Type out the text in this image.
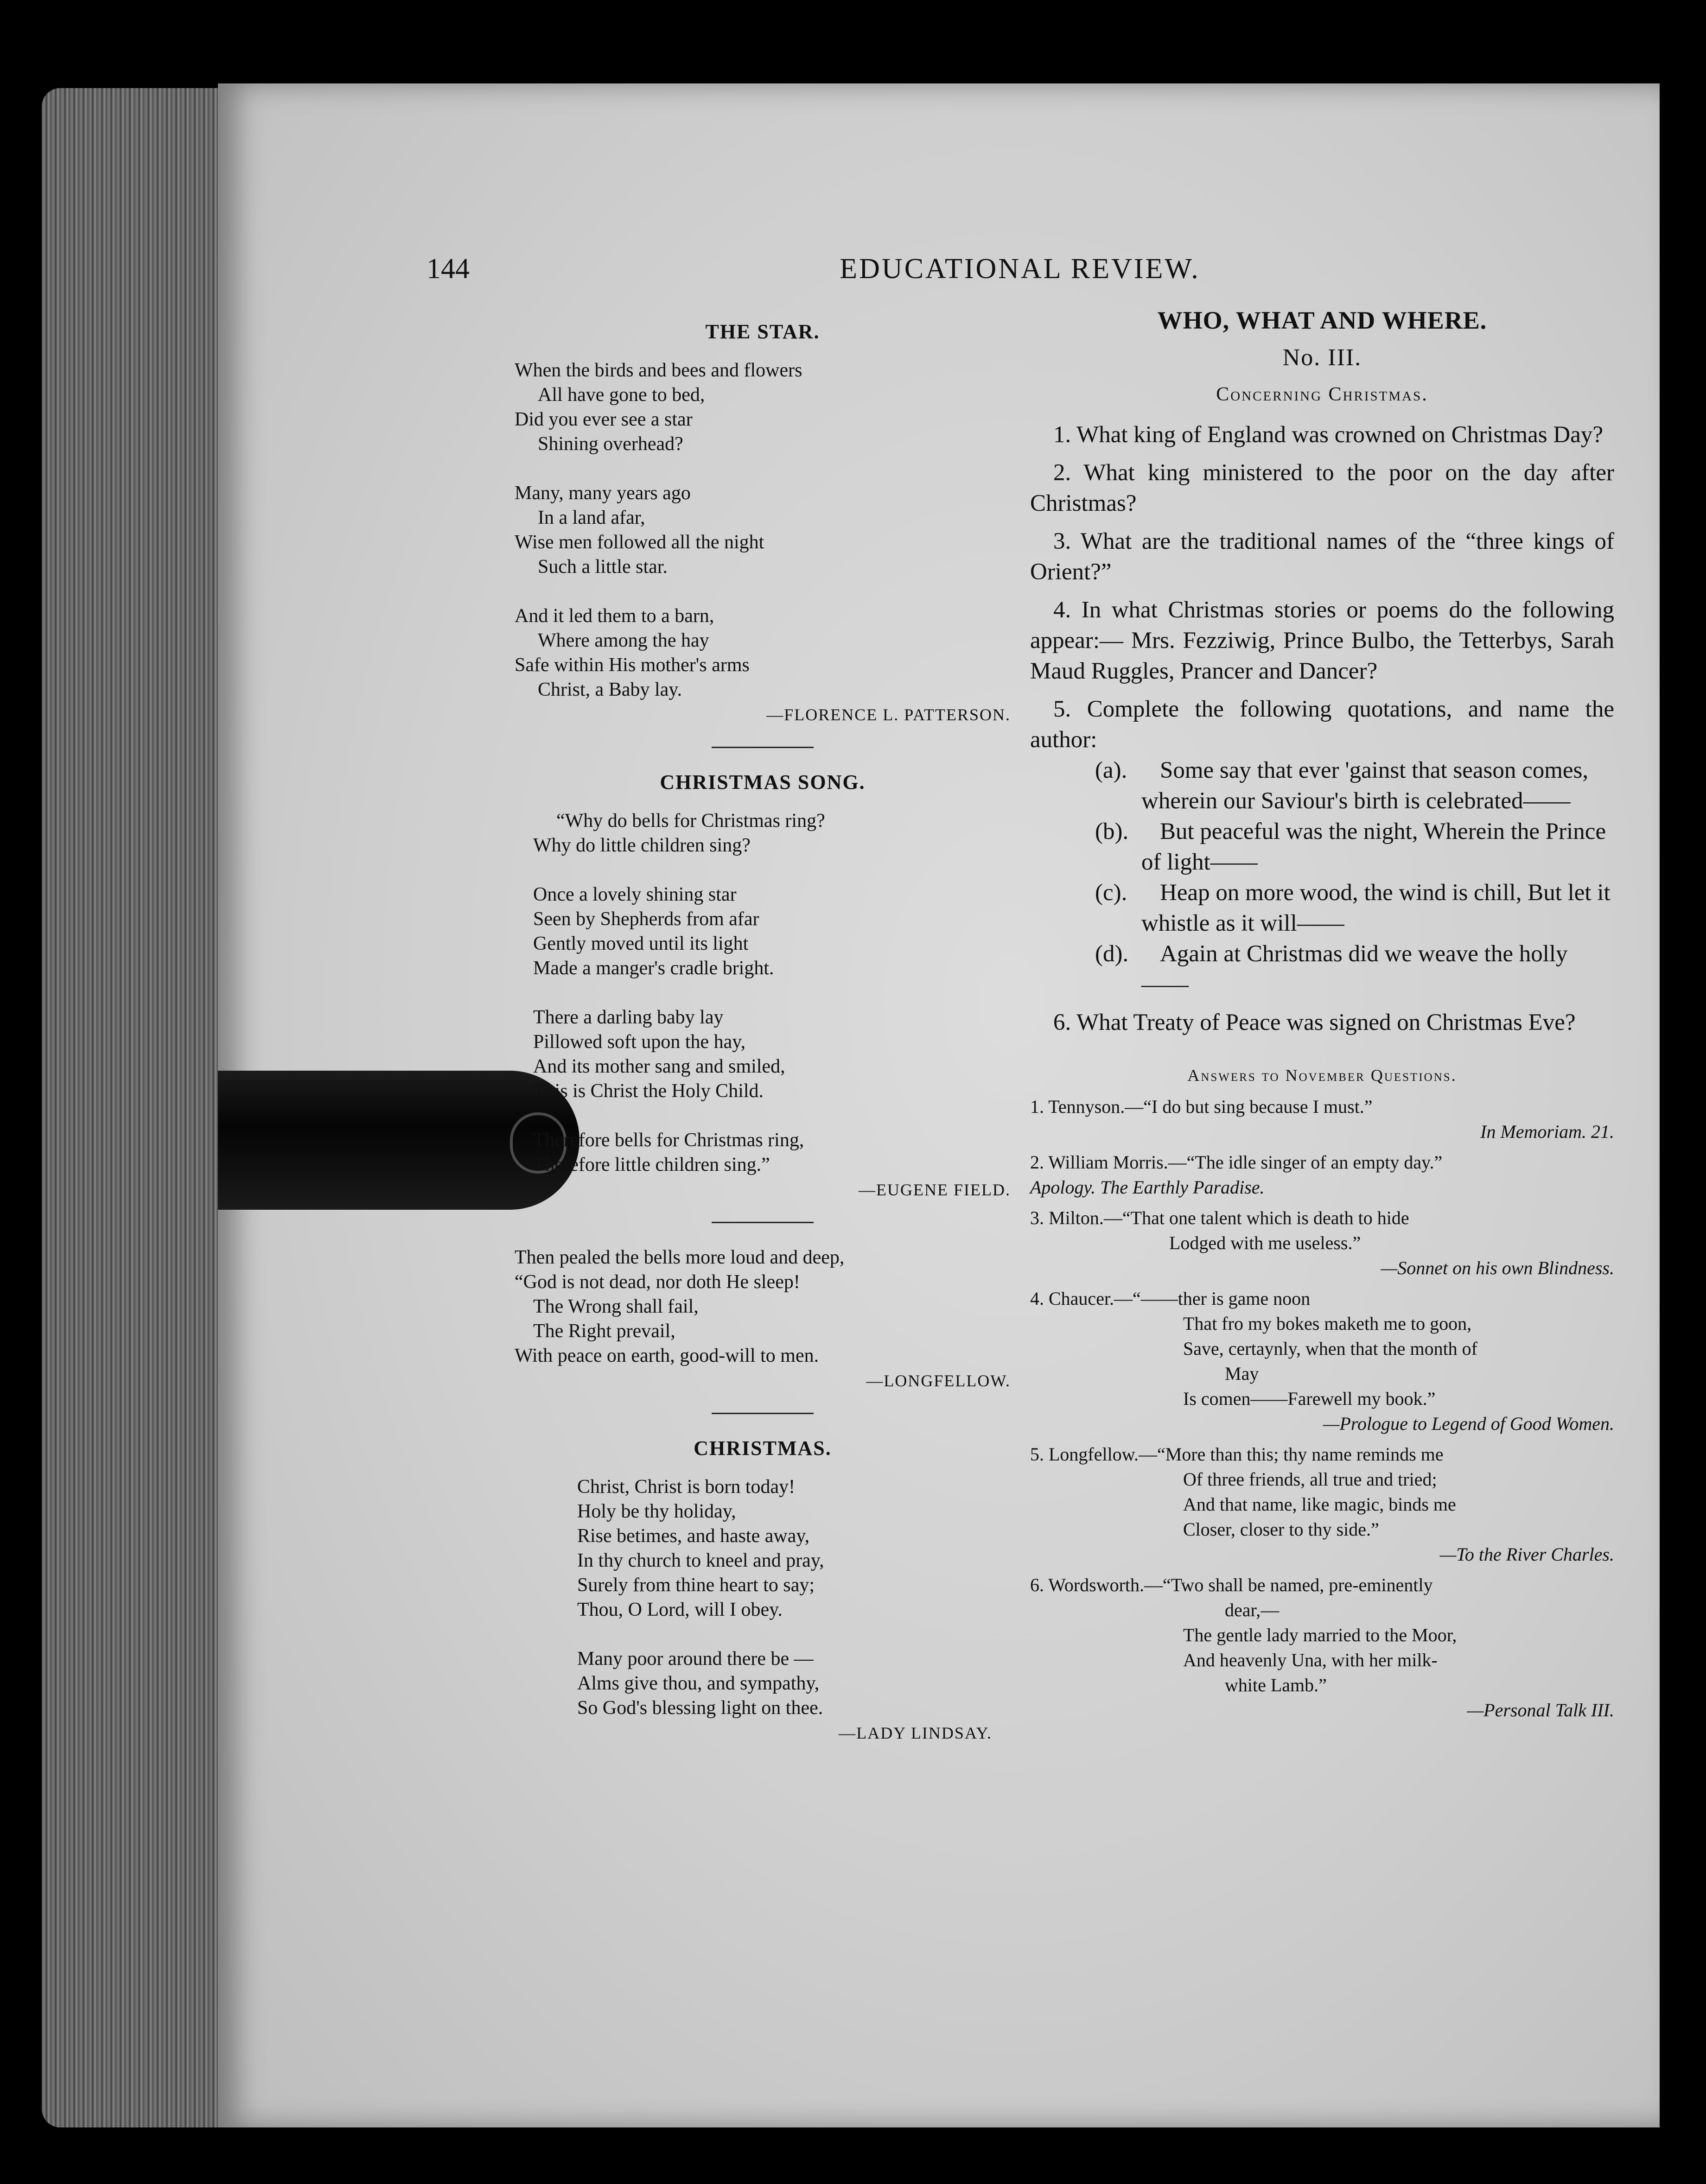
144	EDUCATIONAL REVIEW.
THE STAR.
When the birds and bees and flowers
All have gone to bed,
Did you ever see a star
Shining overhead?
Many, many years ago
In a land afar,
Wise men followed all the night
Such a little star.
And it led them to a barn,
Where among the hay
Safe within His mother's arms
Christ, a Baby lay.
—FLORENCE L. PATTERSON.
CHRISTMAS SONG.
“Why do bells for Christmas ring?
Why do little children sing?
Once a lovely shining star
Seen by Shepherds from afar
Gently moved until its light
Made a manger's cradle bright.
There a darling baby lay
Pillowed soft upon the hay,
And its mother sang and smiled,
This is Christ the Holy Child.
Therefore bells for Christmas ring,
Therefore little children sing.”
—EUGENE FIELD.
Then pealed the bells more loud and deep,
“God is not dead, nor doth He sleep!
The Wrong shall fail,
The Right prevail,
With peace on earth, good-will to men.
—LONGFELLOW.
CHRISTMAS.
Christ, Christ is born today!
Holy be thy holiday,
Rise betimes, and haste away,
In thy church to kneel and pray,
Surely from thine heart to say;
Thou, O Lord, will I obey.
Many poor around there be —
Alms give thou, and sympathy,
So God's blessing light on thee.
—LADY LINDSAY.
WHO, WHAT AND WHERE.
No. III.
Concerning Christmas.
1. What king of England was crowned on Christmas Day?
2. What king ministered to the poor on the day after Christmas?
3. What are the traditional names of the “three kings of Orient?”
4. In what Christmas stories or poems do the following appear:— Mrs. Fezziwig, Prince Bulbo, the Tetterbys, Sarah Maud Ruggles, Prancer and Dancer?
5. Complete the following quotations, and name the author:
(a). Some say that ever 'gainst that season comes, wherein our Saviour's birth is celebrated——
(b). But peaceful was the night, Wherein the Prince of light——
(c). Heap on more wood, the wind is chill, But let it whistle as it will——
(d). Again at Christmas did we weave the holly——
6. What Treaty of Peace was signed on Christmas Eve?
Answers to November Questions.
1. Tennyson.—“I do but sing because I must.”
In Memoriam. 21.
2. William Morris.—“The idle singer of an empty day.”
Apology. The Earthly Paradise.
3. Milton.—“That one talent which is death to hide
Lodged with me useless.”
—Sonnet on his own Blindness.
4. Chaucer.—“——ther is game noon
That fro my bokes maketh me to goon,
Save, certaynly, when that the month of
May
Is comen——Farewell my book.”
—Prologue to Legend of Good Women.
5. Longfellow.—“More than this; thy name reminds me
Of three friends, all true and tried;
And that name, like magic, binds me
Closer, closer to thy side.”
—To the River Charles.
6. Wordsworth.—“Two shall be named, pre-eminently
dear,—
The gentle lady married to the Moor,
And heavenly Una, with her milk-
white Lamb.”
—Personal Talk III.
